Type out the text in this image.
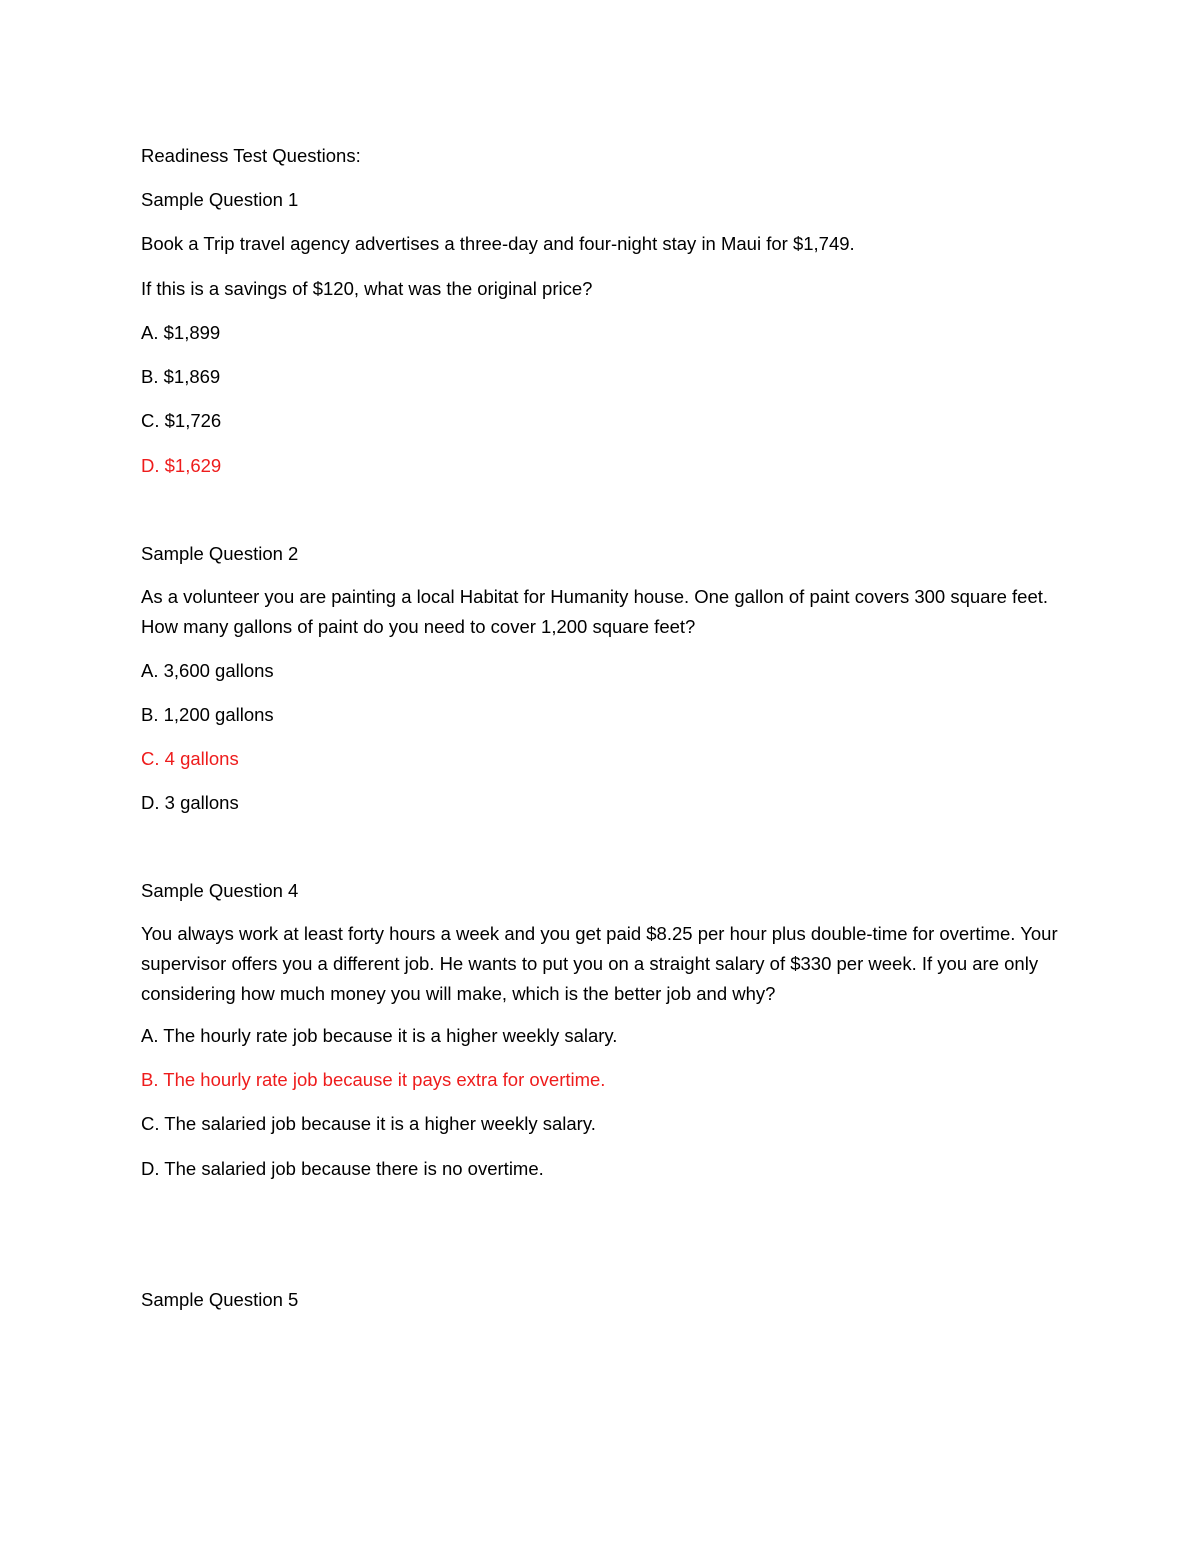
Readiness Test Questions:
Sample Question 1
Book a Trip travel agency advertises a three-day and four-night stay in Maui for $1,749.
If this is a savings of $120, what was the original price?
A. $1,899
B. $1,869
C. $1,726
D. $1,629
Sample Question 2
As a volunteer you are painting a local Habitat for Humanity house. One gallon of paint covers 300 square feet. How many gallons of paint do you need to cover 1,200 square feet?
A. 3,600 gallons
B. 1,200 gallons
C. 4 gallons
D. 3 gallons
Sample Question 4
You always work at least forty hours a week and you get paid $8.25 per hour plus double-time for overtime. Your supervisor offers you a different job. He wants to put you on a straight salary of $330 per week. If you are only considering how much money you will make, which is the better job and why?
A. The hourly rate job because it is a higher weekly salary.
B. The hourly rate job because it pays extra for overtime.
C. The salaried job because it is a higher weekly salary.
D. The salaried job because there is no overtime.
Sample Question 5
